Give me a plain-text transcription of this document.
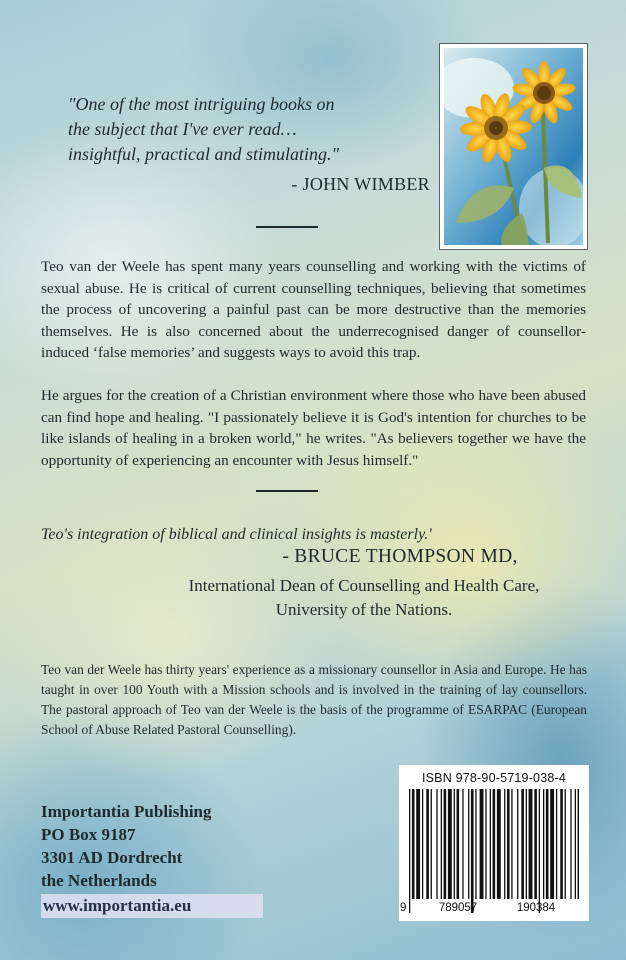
"One of the most intriguing books on
the subject that I've ever read…
insightful, practical and stimulating."
- JOHN WIMBER
Teo van der Weele has spent many years counselling and working with the victims of sexual abuse. He is critical of current counselling techniques, believing that sometimes the process of uncovering a painful past can be more destructive than the memories themselves. He is also concerned about the underrecognised danger of counsellor-induced ‘false memories’ and suggests ways to avoid this trap.
He argues for the creation of a Christian environment where those who have been abused can find hope and healing. "I passionately believe it is God's intention for churches to be like islands of healing in a broken world," he writes. "As believers together we have the opportunity of experiencing an encounter with Jesus himself."
Teo's integration of biblical and clinical insights is masterly.'
- BRUCE THOMPSON MD,
International Dean of Counselling and Health Care,
University of the Nations.
Teo van der Weele has thirty years' experience as a missionary counsellor in Asia and Europe. He has taught in over 100 Youth with a Mission schools and is involved in the training of lay counsellors. The pastoral approach of Teo van der Weele is the basis of the programme of ESARPAC (European School of Abuse Related Pastoral Counselling).
Importantia Publishing
PO Box 9187
3301 AD Dordrecht
the Netherlands
www.importantia.eu
ISBN 978-90-5719-038-4
9	789057	190384
